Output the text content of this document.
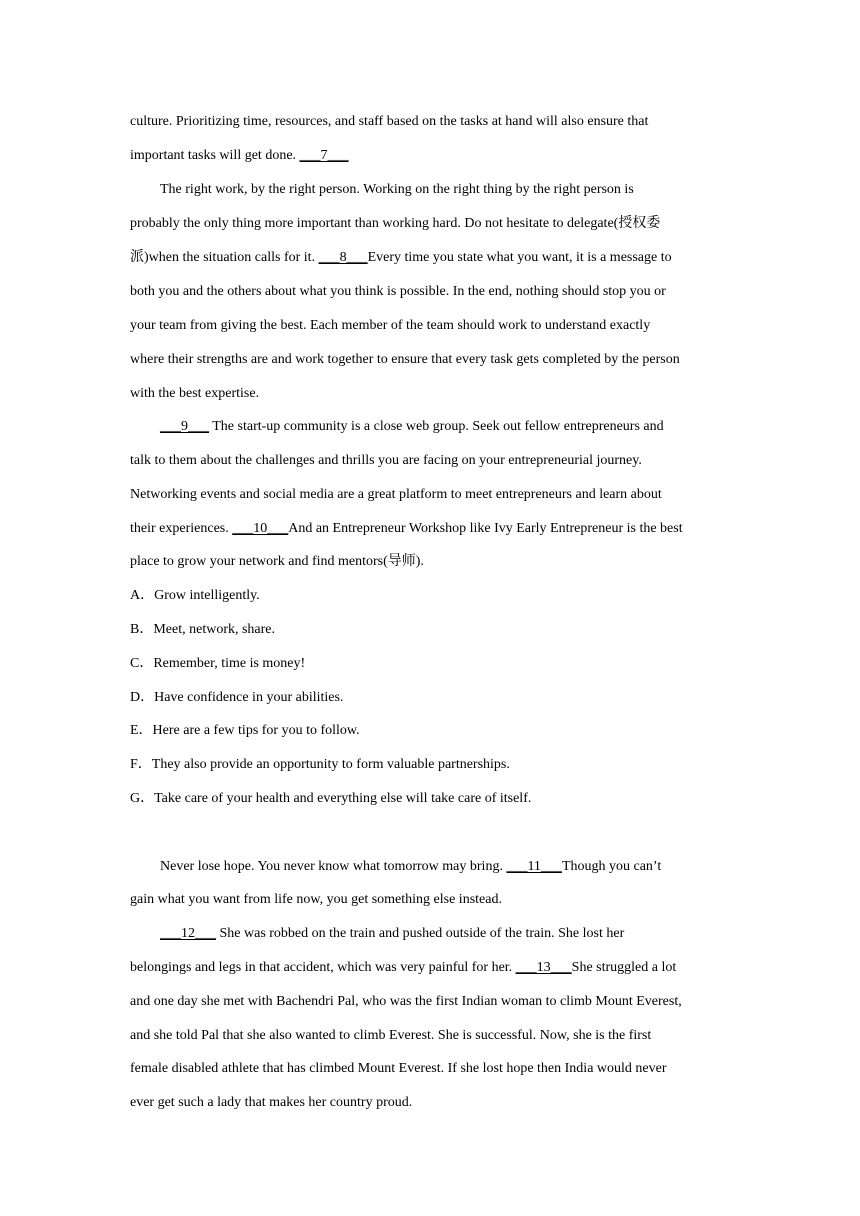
culture. Prioritizing time, resources, and staff based on the tasks at hand will also ensure that
important tasks will get done. ___7___
The right work, by the right person. Working on the right thing by the right person is
probably the only thing more important than working hard. Do not hesitate to delegate(授权委
派)when the situation calls for it. ___8___Every time you state what you want, it is a message to
both you and the others about what you think is possible. In the end, nothing should stop you or
your team from giving the best. Each member of the team should work to understand exactly
where their strengths are and work together to ensure that every task gets completed by the person
with the best expertise.
___9___ The start-up community is a close web group. Seek out fellow entrepreneurs and
talk to them about the challenges and thrills you are facing on your entrepreneurial journey.
Networking events and social media are a great platform to meet entrepreneurs and learn about
their experiences. ___10___And an Entrepreneur Workshop like Ivy Early Entrepreneur is the best
place to grow your network and find mentors(导师).
A．Grow intelligently.
B．Meet, network, share.
C．Remember, time is money!
D．Have confidence in your abilities.
E．Here are a few tips for you to follow.
F．They also provide an opportunity to form valuable partnerships.
G．Take care of your health and everything else will take care of itself.
Never lose hope. You never know what tomorrow may bring. ___11___Though you can’t
gain what you want from life now, you get something else instead.
___12___ She was robbed on the train and pushed outside of the train. She lost her
belongings and legs in that accident, which was very painful for her. ___13___She struggled a lot
and one day she met with Bachendri Pal, who was the first Indian woman to climb Mount Everest,
and she told Pal that she also wanted to climb Everest. She is successful. Now, she is the first
female disabled athlete that has climbed Mount Everest. If she lost hope then India would never
ever get such a lady that makes her country proud.
